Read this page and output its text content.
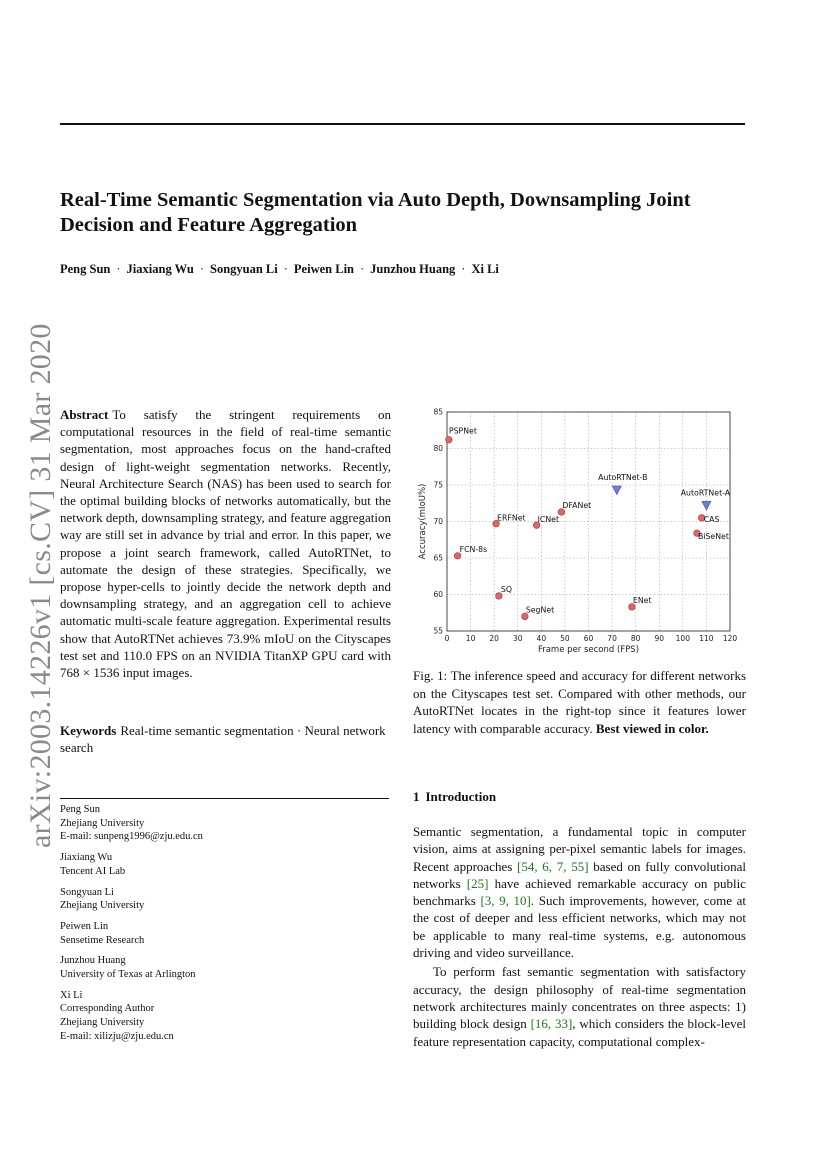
Real-Time Semantic Segmentation via Auto Depth, Downsampling Joint
Decision and Feature Aggregation
Peng Sun · Jiaxiang Wu · Songyuan Li · Peiwen Lin · Junzhou Huang · Xi Li
arXiv:2003.14226v1 [cs.CV] 31 Mar 2020 Abstract To satisfy the stringent requirements on computational resources in the field of real-time semantic segmentation, most approaches focus on the hand-crafted design of light-weight segmentation networks. Recently, Neural Architecture Search (NAS) has been used to search for the optimal building blocks of networks automatically, but the network depth, downsampling strategy, and feature aggregation way are still set in advance by trial and error. In this paper, we propose a joint search framework, called AutoRTNet, to automate the design of these strategies. Specifically, we propose hyper-cells to jointly decide the network depth and downsampling strategy, and an aggregation cell to achieve automatic multi-scale feature aggregation. Experimental results show that AutoRTNet achieves 73.9% mIoU on the Cityscapes test set and 110.0 FPS on an NVIDIA TitanXP GPU card with 768 × 1536 input images.
Keywords Real-time semantic segmentation · Neural network search
Peng Sun
Zhejiang University
E-mail: sunpeng1996@zju.edu.cn
Jiaxiang Wu
Tencent AI Lab
Songyuan Li
Zhejiang University
Peiwen Lin
Sensetime Research
Junzhou Huang
University of Texas at Arlington
Xi Li
Corresponding Author
Zhejiang University
E-mail: xilizju@zju.edu.cn
0 10 20 30 40 50 60 70 80 90 100 110 120
55
60
65
70
75
80
85
PSPNet
FCN-8s
ERFNet ICNet
DFANet
SQ
SegNet
ENet
CAS
BiSeNet
AutoRTNet-B
AutoRTNet-A
Frame per second (FPS)
Accuracy(mIoU%)
Fig. 1: The inference speed and accuracy for different networks on the Cityscapes test set. Compared with other methods, our AutoRTNet locates in the right-top since it features lower latency with comparable accuracy. Best viewed in color.
1 Introduction

Semantic segmentation, a fundamental topic in computer vision, aims at assigning per-pixel semantic labels for images. Recent approaches [54, 6, 7, 55] based on fully convolutional networks [25] have achieved remarkable accuracy on public benchmarks [3, 9, 10]. Such improvements, however, come at the cost of deeper and less efficient networks, which may not be applicable to many real-time systems, e.g. autonomous driving and video surveillance.

To perform fast semantic segmentation with satisfactory accuracy, the design philosophy of real-time segmentation network architectures mainly concentrates on three aspects: 1) building block design [16, 33], which considers the block-level feature representation capacity, computational complex-
